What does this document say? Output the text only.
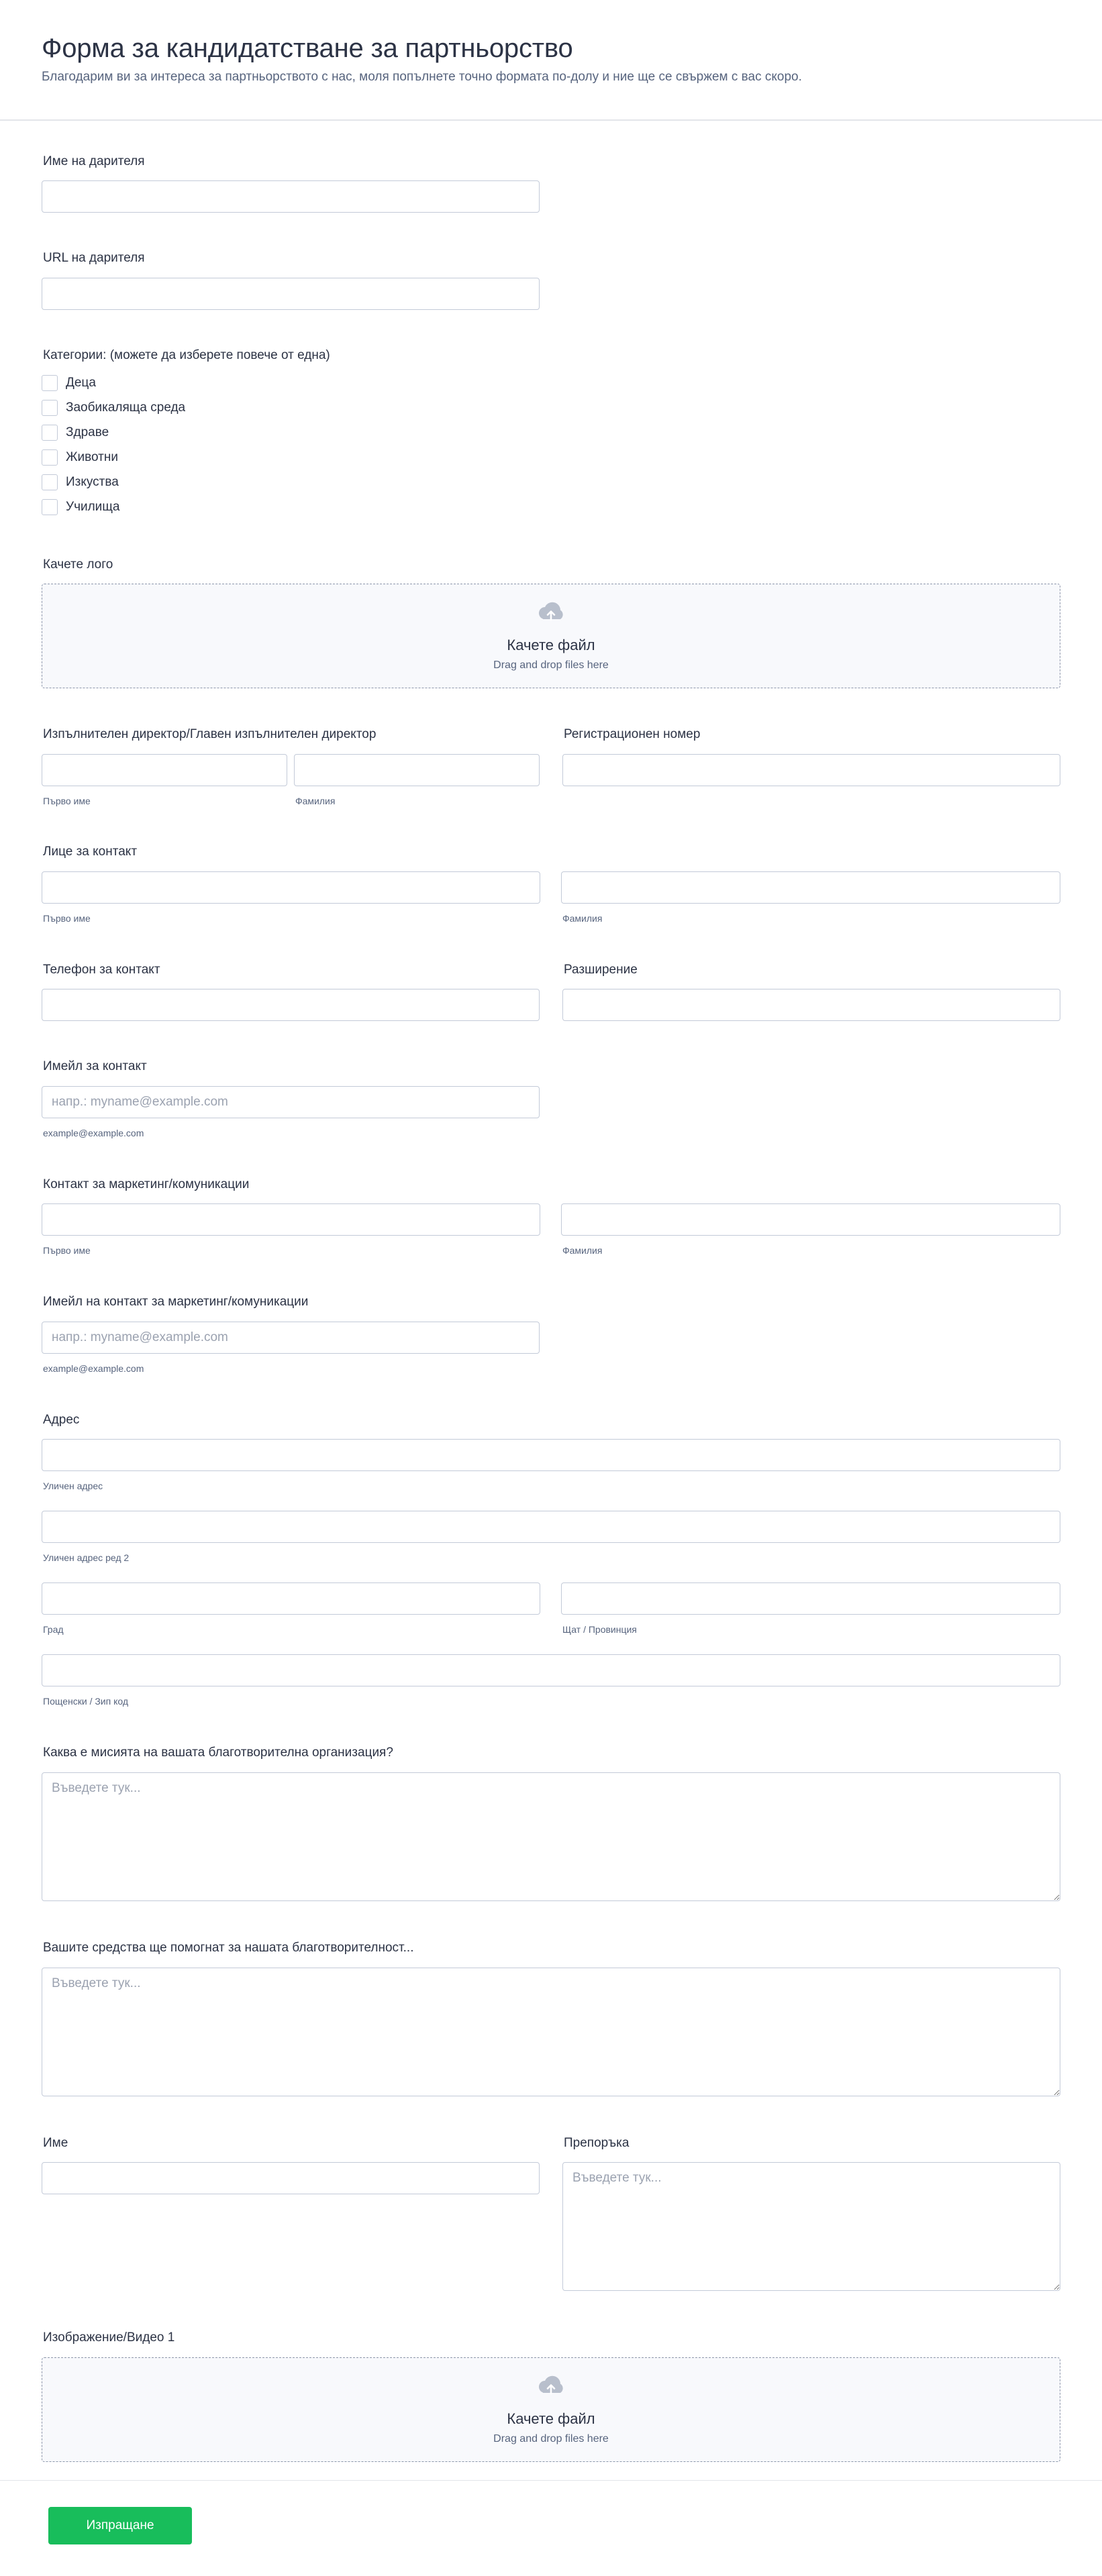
Форма за кандидатстване за партньорство

Благодарим ви за интереса за партньорството с нас, моля попълнете точно формата по-долу и ние ще се свържем с вас скоро.

Име на дарителя
URL на дарителя
Категории: (можете да изберете повече от една)
Деца
Заобикаляща среда
Здраве
Животни
Изкуства
Училища
Качете лого
Качете файл
Drag and drop files here
Изпълнителен директор/Главен изпълнителен директор
Първо име	Фамилия
Регистрационен номер
Лице за контакт
Първо име	Фамилия
Телефон за контакт	Разширение
Имейл за контакт
напр.: myname@example.com
example@example.com
Контакт за маркетинг/комуникации
Първо име	Фамилия
Имейл на контакт за маркетинг/комуникации
напр.: myname@example.com
example@example.com
Адрес
Уличен адрес
Уличен адрес ред 2
Град	Щат / Провинция
Пощенски / Зип код
Каква е мисията на вашата благотворителна организация?
Въведете тук...
Вашите средства ще помогнат за нашата благотворителност...
Въведете тук...
Име	Препоръка
Въведете тук...
Изображение/Видео 1
Качете файл
Drag and drop files here
Изпращане
